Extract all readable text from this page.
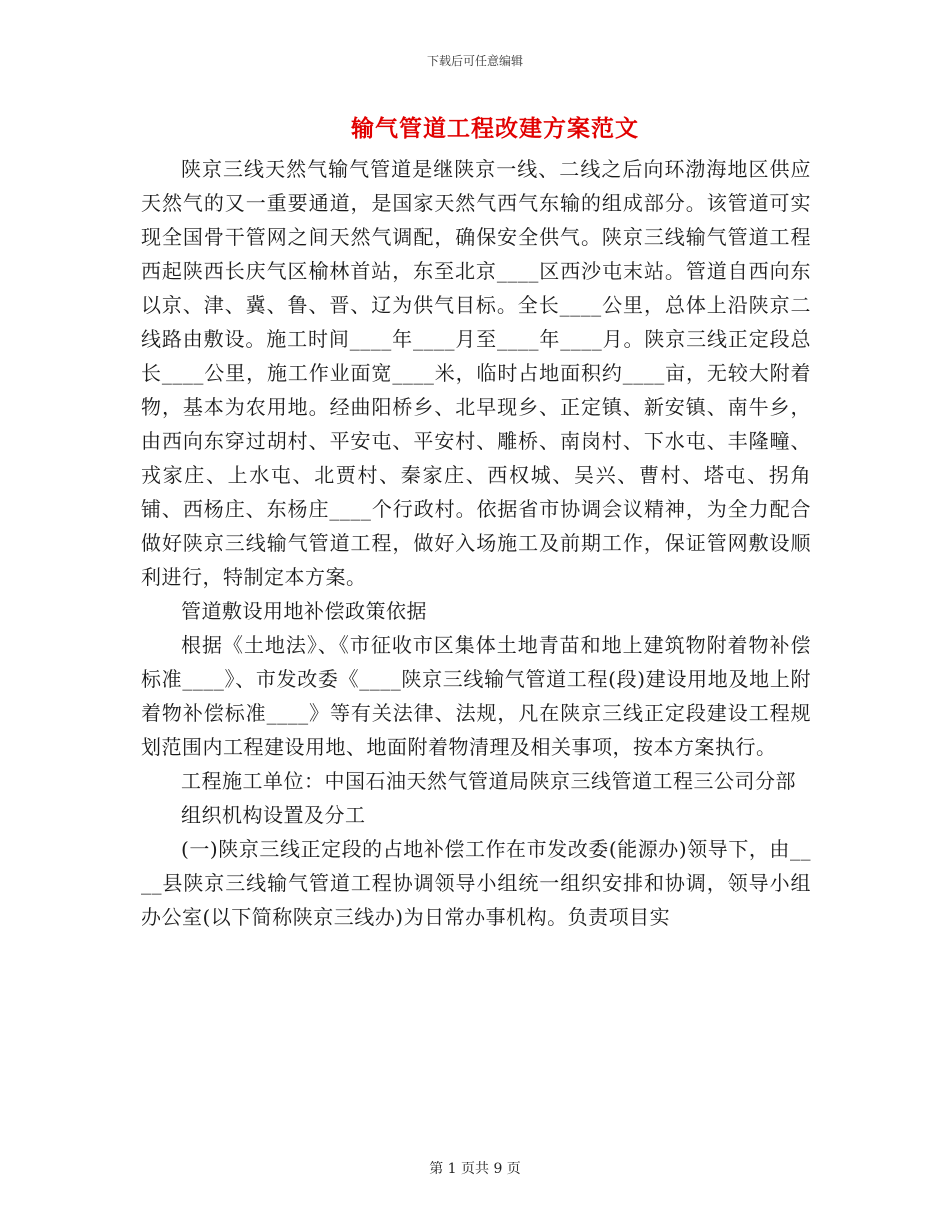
下载后可任意编辑
输气管道工程改建方案范文

陕京三线天然气输气管道是继陕京一线、二线之后向环渤海地区供应天然气的又一重要通道，是国家天然气西气东输的组成部分。该管道可实现全国骨干管网之间天然气调配，确保安全供气。陕京三线输气管道工程西起陕西长庆气区榆林首站，东至北京____区西沙屯末站。管道自西向东以京、津、冀、鲁、晋、辽为供气目标。全长____公里，总体上沿陕京二线路由敷设。施工时间____年____月至____年____月。陕京三线正定段总长____公里，施工作业面宽____米，临时占地面积约____亩，无较大附着物，基本为农用地。经曲阳桥乡、北早现乡、正定镇、新安镇、南牛乡，由西向东穿过胡村、平安屯、平安村、雕桥、南岗村、下水屯、丰隆疃、戎家庄、上水屯、北贾村、秦家庄、西权城、吴兴、曹村、塔屯、拐角铺、西杨庄、东杨庄____个行政村。依据省市协调会议精神，为全力配合做好陕京三线输气管道工程，做好入场施工及前期工作，保证管网敷设顺利进行，特制定本方案。

管道敷设用地补偿政策依据

根据《土地法》、《市征收市区集体土地青苗和地上建筑物附着物补偿标准____》、市发改委《____陕京三线输气管道工程(段)建设用地及地上附着物补偿标准____》等有关法律、法规，凡在陕京三线正定段建设工程规划范围内工程建设用地、地面附着物清理及相关事项，按本方案执行。

工程施工单位：中国石油天然气管道局陕京三线管道工程三公司分部

组织机构设置及分工

(一)陕京三线正定段的占地补偿工作在市发改委(能源办)领导下，由____县陕京三线输气管道工程协调领导小组统一组织安排和协调，领导小组办公室(以下简称陕京三线办)为日常办事机构。负责项目实

第 1 页共 9 页
